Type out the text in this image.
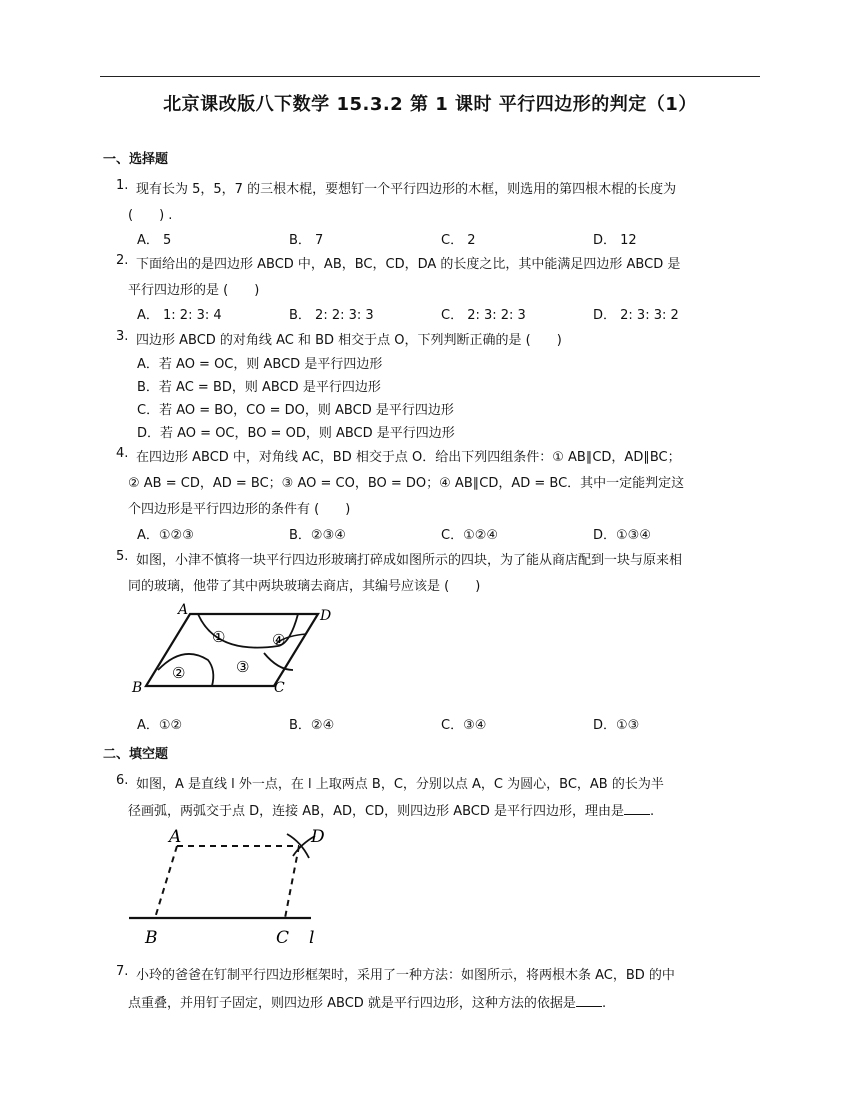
北京课改版八下数学 15.3.2 第 1 课时 平行四边形的判定（1）
一、选择题
1. 现有长为 5，5，7 的三根木棍，要想钉一个平行四边形的木框，则选用的第四根木棍的长度为
(　　) .
A． 5	B． 7	C． 2	D． 12
2. 下面给出的是四边形 ABCD 中，AB，BC，CD，DA 的长度之比，其中能满足四边形 ABCD 是
平行四边形的是 (　　)
A． 1: 2: 3: 4	B． 2: 2: 3: 3	C． 2: 3: 2: 3	D． 2: 3: 3: 2
3. 四边形 ABCD 的对角线 AC 和 BD 相交于点 O，下列判断正确的是 (　　)
A．若 AO = OC，则 ABCD 是平行四边形
B．若 AC = BD，则 ABCD 是平行四边形
C．若 AO = BO，CO = DO，则 ABCD 是平行四边形
D．若 AO = OC，BO = OD，则 ABCD 是平行四边形
4. 在四边形 ABCD 中，对角线 AC，BD 相交于点 O．给出下列四组条件：① AB∥CD，AD∥BC；
② AB = CD，AD = BC；③ AO = CO，BO = DO；④ AB∥CD，AD = BC．其中一定能判定这
个四边形是平行四边形的条件有 (　　)
A．①②③	B．②③④	C．①②④	D．①③④
5. 如图，小津不慎将一块平行四边形玻璃打碎成如图所示的四块，为了能从商店配到一块与原来相
同的玻璃，他带了其中两块玻璃去商店，其编号应该是 (　　)
A	D
B	C
①
②	③
④
A．①②	B．②④	C．③④	D．①③
二、填空题
6. 如图，A 是直线 l 外一点，在 l 上取两点 B，C，分别以点 A，C 为圆心，BC，AB 的长为半
径画弧，两弧交于点 D，连接 AB，AD，CD，则四边形 ABCD 是平行四边形，理由是 .
A	D
B	C l
7. 小玲的爸爸在钉制平行四边形框架时，采用了一种方法：如图所示，将两根木条 AC，BD 的中
点重叠，并用钉子固定，则四边形 ABCD 就是平行四边形，这种方法的依据是 .
